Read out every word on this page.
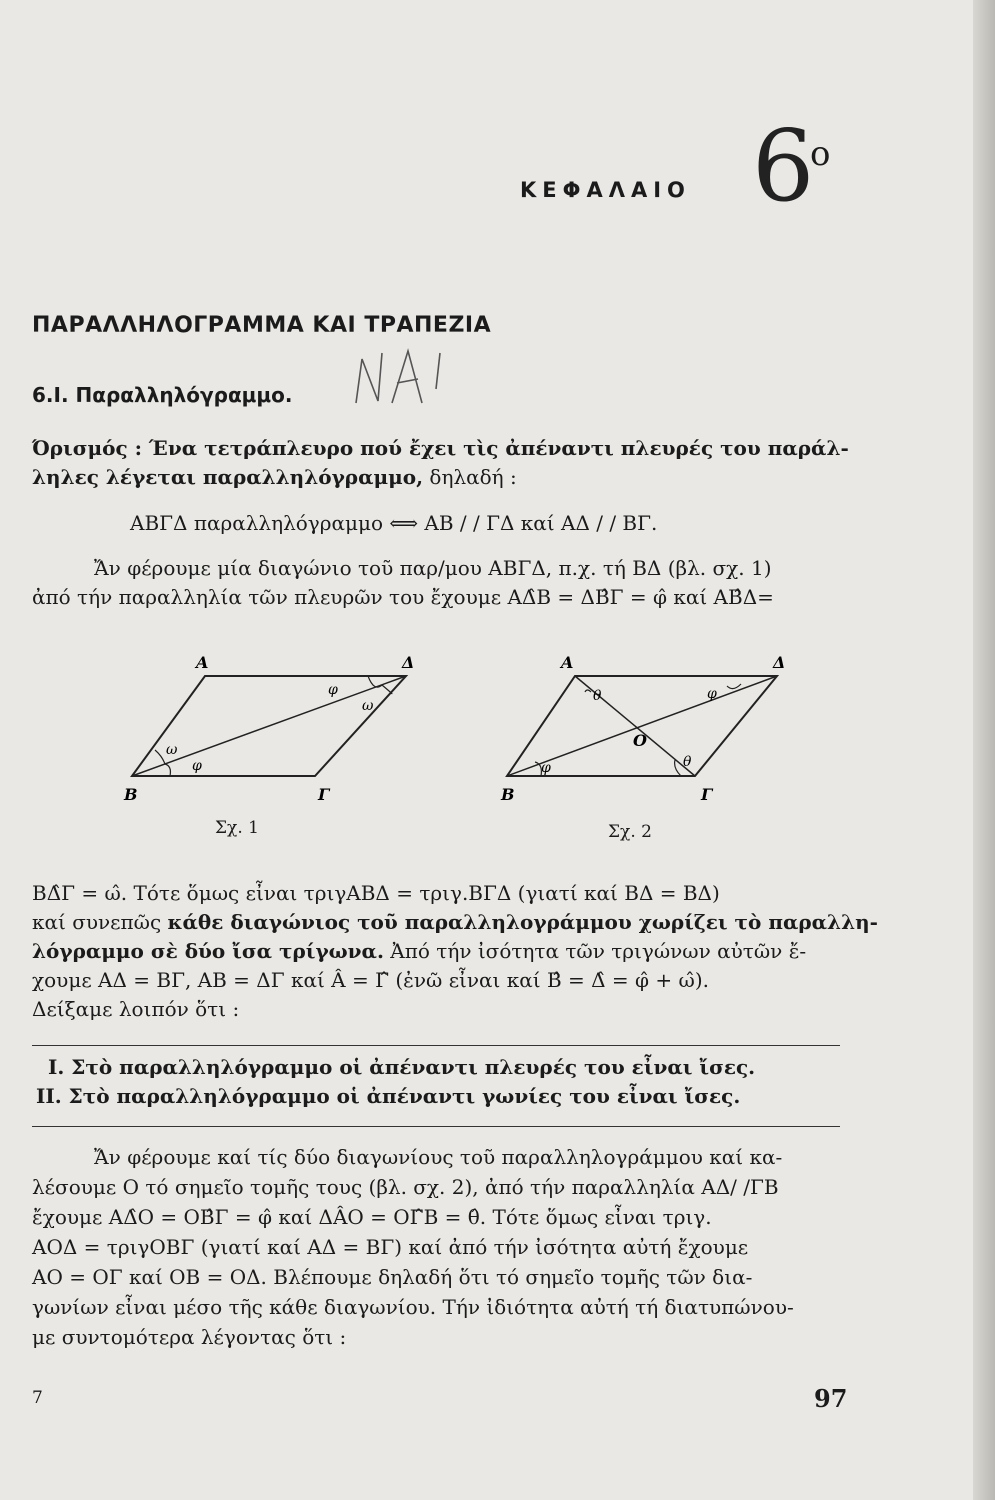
ΚΕΦΑΛΑΙΟ 6
ο
ΠΑΡΑΛΛΗΛΟΓΡΑΜΜΑ ΚΑΙ ΤΡΑΠΕΖΙΑ
6.Ι. Παραλληλόγραμμο.
Όρισμός : Ένα τετράπλευρο πού ἔχει τὶς ἀπέναντι πλευρές του παράλ-
ληλες λέγεται παραλληλόγραμμο, δηλαδή :
ΑΒΓΔ παραλληλόγραμμο ⟺ ΑΒ / / ΓΔ καί ΑΔ / / ΒΓ.
Ἄν φέρουμε μία διαγώνιο τοῦ παρ/μου ΑΒΓΔ, π.χ. τή ΒΔ (βλ. σχ. 1)
ἀπό τήν παραλληλία τῶν πλευρῶν του ἔχουμε ΑΔ̂Β = ΔΒ̂Γ = φ̂ καί ΑΒ̂Δ=
Α	Δ
Β	Γ
φ
ω
ω
φ
Σχ. 1
Α	Δ
Β	Γ
Ο
θ	φ
φ	θ
Σχ. 2
ΒΔ̂Γ = ω̂. Τότε ὅμως εἶναι τριγΑΒΔ = τριγ.ΒΓΔ (γιατί καί ΒΔ = ΒΔ)
καί συνεπῶς κάθε διαγώνιος τοῦ παραλληλογράμμου χωρίζει τὸ παραλλη-
λόγραμμο σὲ δύο ἴσα τρίγωνα. Ἀπό τήν ἰσότητα τῶν τριγώνων αὐτῶν ἔ-
χουμε ΑΔ = ΒΓ, ΑΒ = ΔΓ καί Â = Γ̂ (ἐνῶ εἶναι καί Β̂ = Δ̂ = φ̂ + ω̂).
Δείξαμε λοιπόν ὅτι :
Ι. Στὸ παραλληλόγραμμο οἱ ἀπέναντι πλευρές του εἶναι ἴσες.
ΙΙ. Στὸ παραλληλόγραμμο οἱ ἀπέναντι γωνίες του εἶναι ἴσες.
Ἄν φέρουμε καί τίς δύο διαγωνίους τοῦ παραλληλογράμμου καί κα-
λέσουμε Ο τό σημεῖο τομῆς τους (βλ. σχ. 2), ἀπό τήν παραλληλία ΑΔ/ /ΓΒ
ἔχουμε ΑΔ̂Ο = ΟΒ̂Γ = φ̂ καί ΔÂΟ = ΟΓ̂Β = θ̂. Τότε ὅμως εἶναι τριγ.
ΑΟΔ = τριγΟΒΓ (γιατί καί ΑΔ = ΒΓ) καί ἀπό τήν ἰσότητα αὐτή ἔχουμε
ΑΟ = ΟΓ καί ΟΒ = ΟΔ. Βλέπουμε δηλαδή ὅτι τό σημεῖο τομῆς τῶν δια-
γωνίων εἶναι μέσο τῆς κάθε διαγωνίου. Τήν ἰδιότητα αὐτή τή διατυπώνου-
με συντομότερα λέγοντας ὅτι :
7	97
